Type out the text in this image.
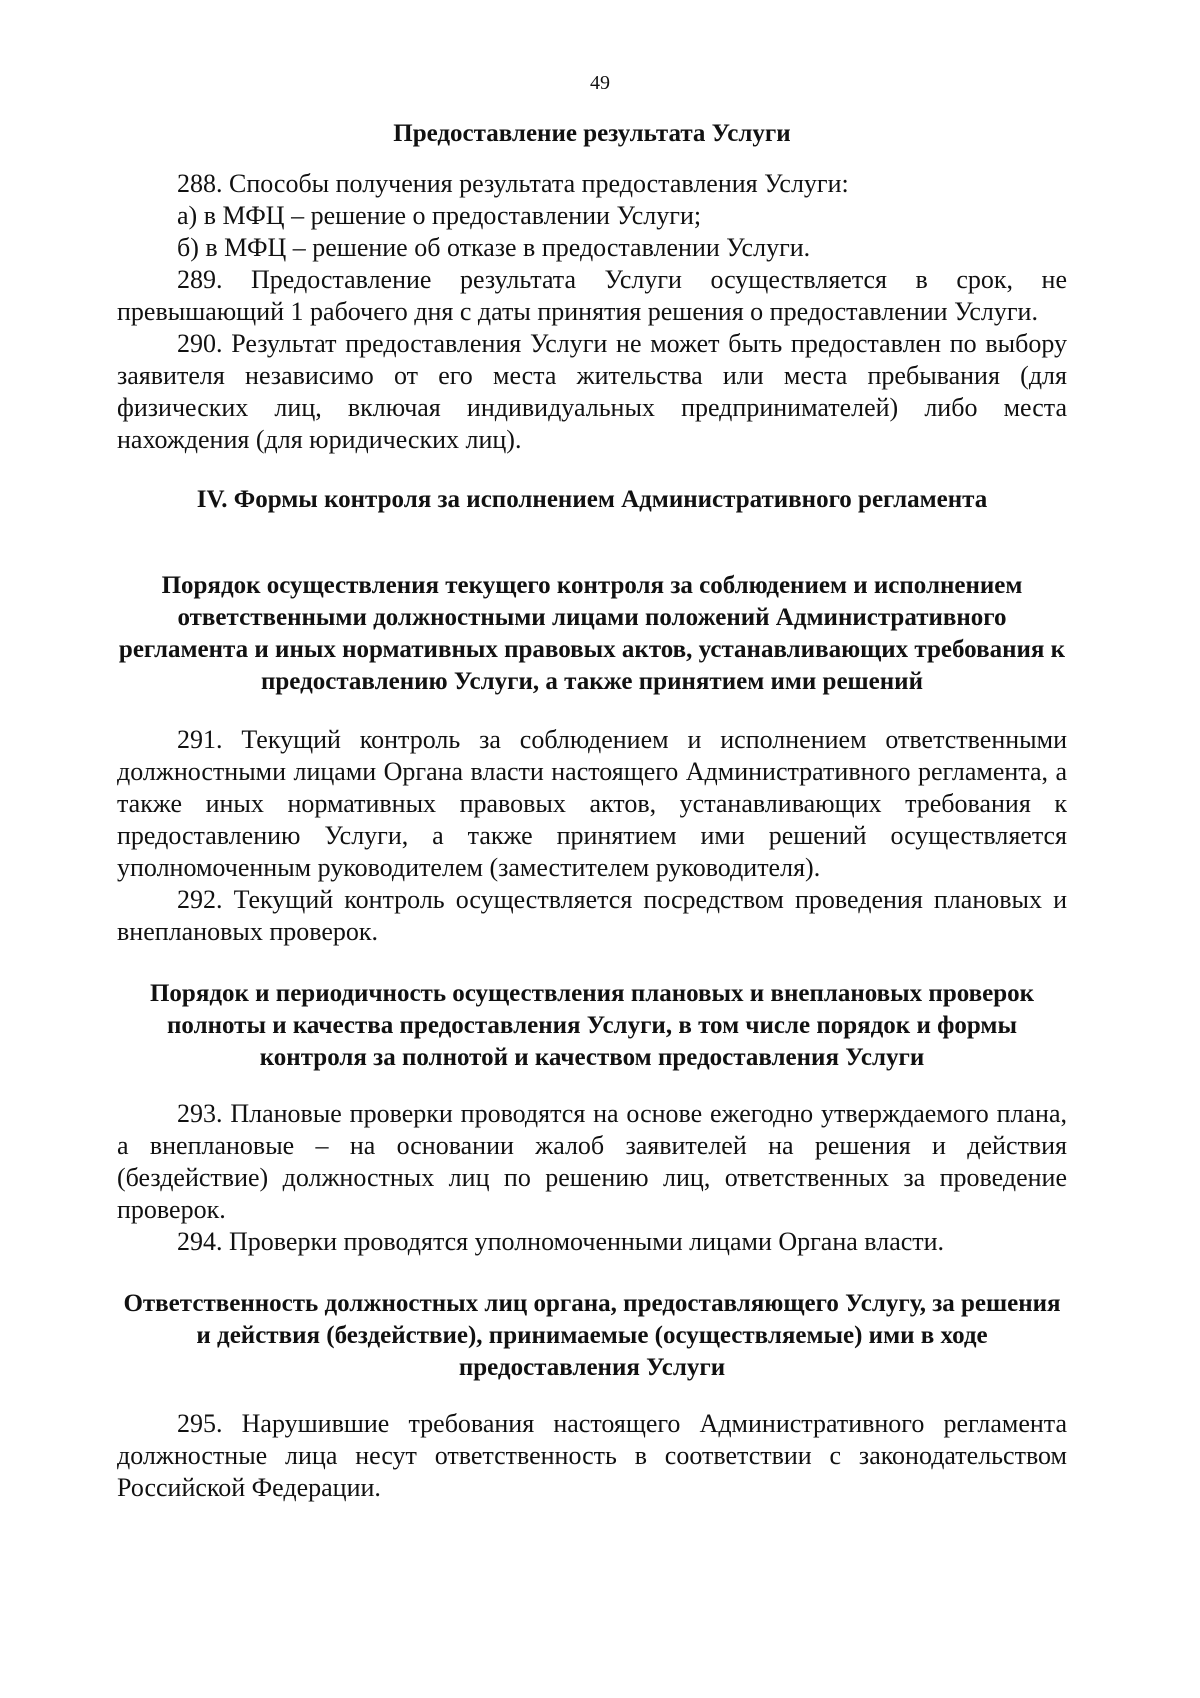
49
Предоставление результата Услуги

288. Способы получения результата предоставления Услуги:

а) в МФЦ – решение о предоставлении Услуги;

б) в МФЦ – решение об отказе в предоставлении Услуги.

289. Предоставление результата Услуги осуществляется в срок, не превышающий 1 рабочего дня с даты принятия решения о предоставлении Услуги.

290. Результат предоставления Услуги не может быть предоставлен по выбору заявителя независимо от его места жительства или места пребывания (для физических лиц, включая индивидуальных предпринимателей) либо места нахождения (для юридических лиц).

IV. Формы контроля за исполнением Административного регламента
Порядок осуществления текущего контроля за соблюдением и исполнением ответственными должностными лицами положений Административного регламента и иных нормативных правовых актов, устанавливающих требования к предоставлению Услуги, а также принятием ими решений

291. Текущий контроль за соблюдением и исполнением ответственными должностными лицами Органа власти настоящего Административного регламента, а также иных нормативных правовых актов, устанавливающих требования к предоставлению Услуги, а также принятием ими решений осуществляется уполномоченным руководителем (заместителем руководителя).

292. Текущий контроль осуществляется посредством проведения плановых и внеплановых проверок.

Порядок и периодичность осуществления плановых и внеплановых проверок полноты и качества предоставления Услуги, в том числе порядок и формы контроля за полнотой и качеством предоставления Услуги

293. Плановые проверки проводятся на основе ежегодно утверждаемого плана, а внеплановые – на основании жалоб заявителей на решения и действия (бездействие) должностных лиц по решению лиц, ответственных за проведение проверок.

294. Проверки проводятся уполномоченными лицами Органа власти.

Ответственность должностных лиц органа, предоставляющего Услугу, за решения и действия (бездействие), принимаемые (осуществляемые) ими в ходе предоставления Услуги

295. Нарушившие требования настоящего Административного регламента должностные лица несут ответственность в соответствии с законодательством Российской Федерации.
